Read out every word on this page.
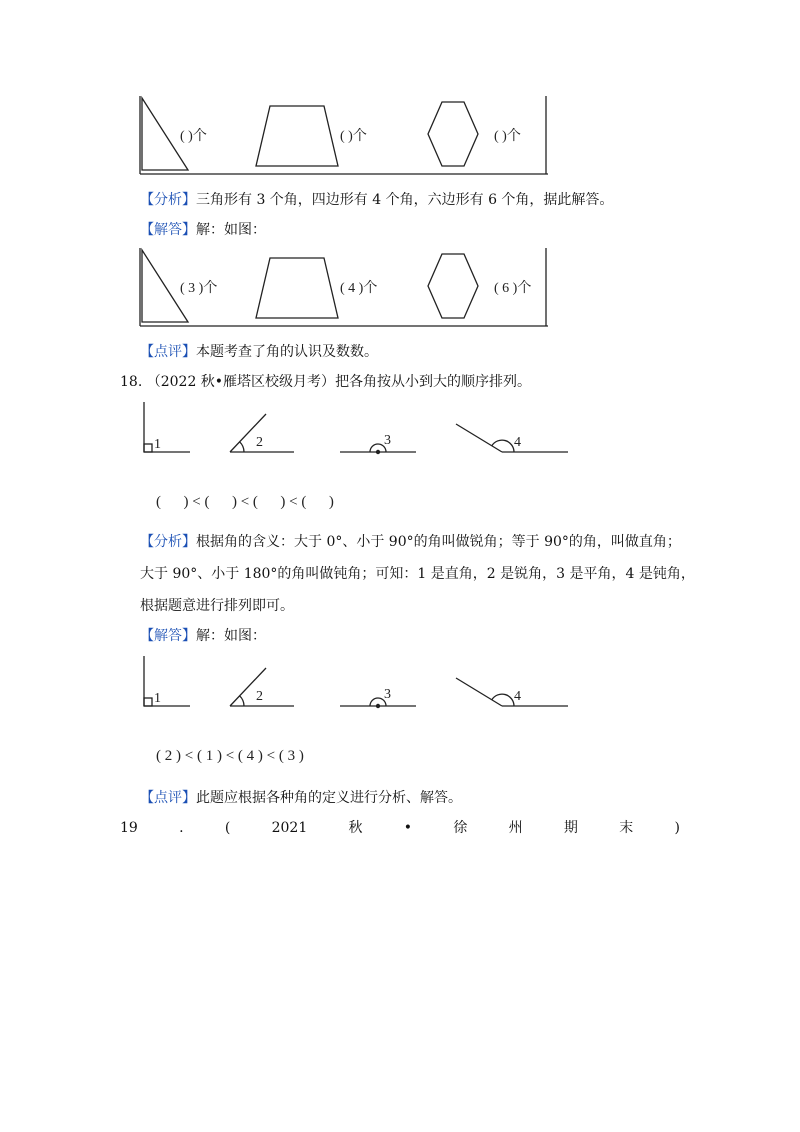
( )个	( )个	( )个
【分析】三角形有 3 个角，四边形有 4 个角，六边形有 6 个角，据此解答。
【解答】解：如图：
( 3 )个	( 4 )个	( 6 )个
【点评】本题考查了角的认识及数数。
18. （2022 秋•雁塔区校级月考）把各角按从小到大的顺序排列。
1	2	3	4
(      ) < (      ) < (      ) < (      )
【分析】根据角的含义：大于 0°、小于 90°的角叫做锐角；等于 90°的角，叫做直角；
大于 90°、小于 180°的角叫做钝角；可知：1 是直角，2 是锐角，3 是平角，4 是钝角，
根据题意进行排列即可。
【解答】解：如图：
1	2	3	4
( 2 ) < ( 1 ) < ( 4 ) < ( 3 )
【点评】此题应根据各种角的定义进行分析、解答。
19	.	(	2021	秋	•	徐	州	期	末	)
